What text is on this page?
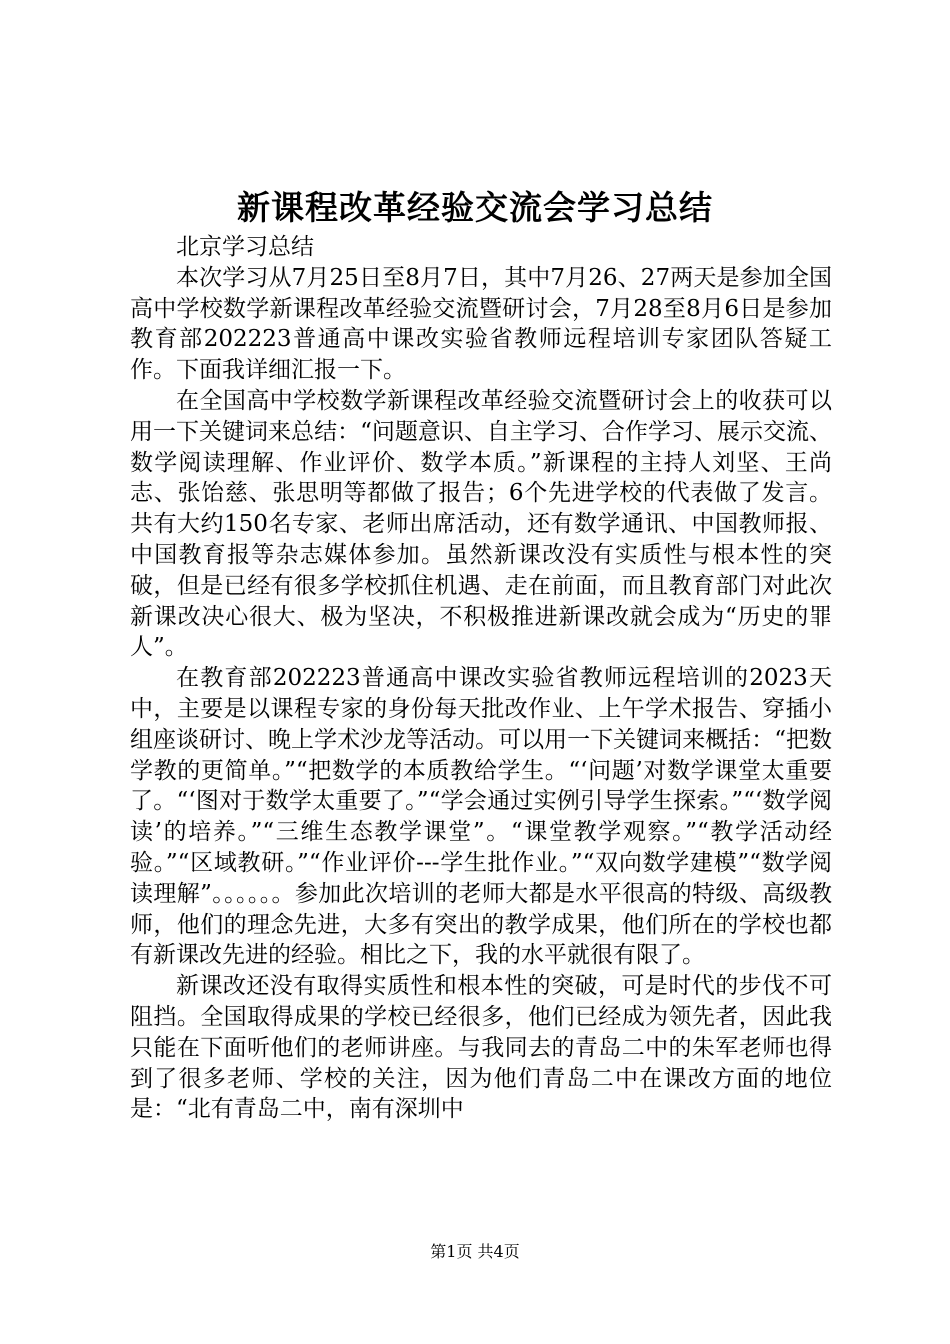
新课程改革经验交流会学习总结

北京学习总结

本次学习从7月25日至8月7日，其中7月26、27两天是参加全国高中学校数学新课程改革经验交流暨研讨会，7月28至8月6日是参加教育部202223普通高中课改实验省教师远程培训专家团队答疑工作。下面我详细汇报一下。

在全国高中学校数学新课程改革经验交流暨研讨会上的收获可以用一下关键词来总结：“问题意识、自主学习、合作学习、展示交流、数学阅读理解、作业评价、数学本质。”新课程的主持人刘坚、王尚志、张饴慈、张思明等都做了报告；6个先进学校的代表做了发言。共有大约150名专家、老师出席活动，还有数学通讯、中国教师报、中国教育报等杂志媒体参加。虽然新课改没有实质性与根本性的突破，但是已经有很多学校抓住机遇、走在前面，而且教育部门对此次新课改决心很大、极为坚决，不积极推进新课改就会成为“历史的罪人”。

在教育部202223普通高中课改实验省教师远程培训的2023天中，主要是以课程专家的身份每天批改作业、上午学术报告、穿插小组座谈研讨、晚上学术沙龙等活动。可以用一下关键词来概括：“把数学教的更简单。”“把数学的本质教给学生。“‘问题’对数学课堂太重要了。“‘图对于数学太重要了。”“学会通过实例引导学生探索。”“‘数学阅读’的培养。”“三维生态教学课堂”。“课堂教学观察。”“教学活动经验。”“区域教研。”“作业评价---学生批作业。”“双向数学建模”“数学阅读理解”。。。。。。参加此次培训的老师大都是水平很高的特级、高级教师，他们的理念先进，大多有突出的教学成果，他们所在的学校也都有新课改先进的经验。相比之下，我的水平就很有限了。

新课改还没有取得实质性和根本性的突破，可是时代的步伐不可阻挡。全国取得成果的学校已经很多，他们已经成为领先者，因此我只能在下面听他们的老师讲座。与我同去的青岛二中的朱军老师也得到了很多老师、学校的关注，因为他们青岛二中在课改方面的地位是：“北有青岛二中，南有深圳中

第1页 共4页
